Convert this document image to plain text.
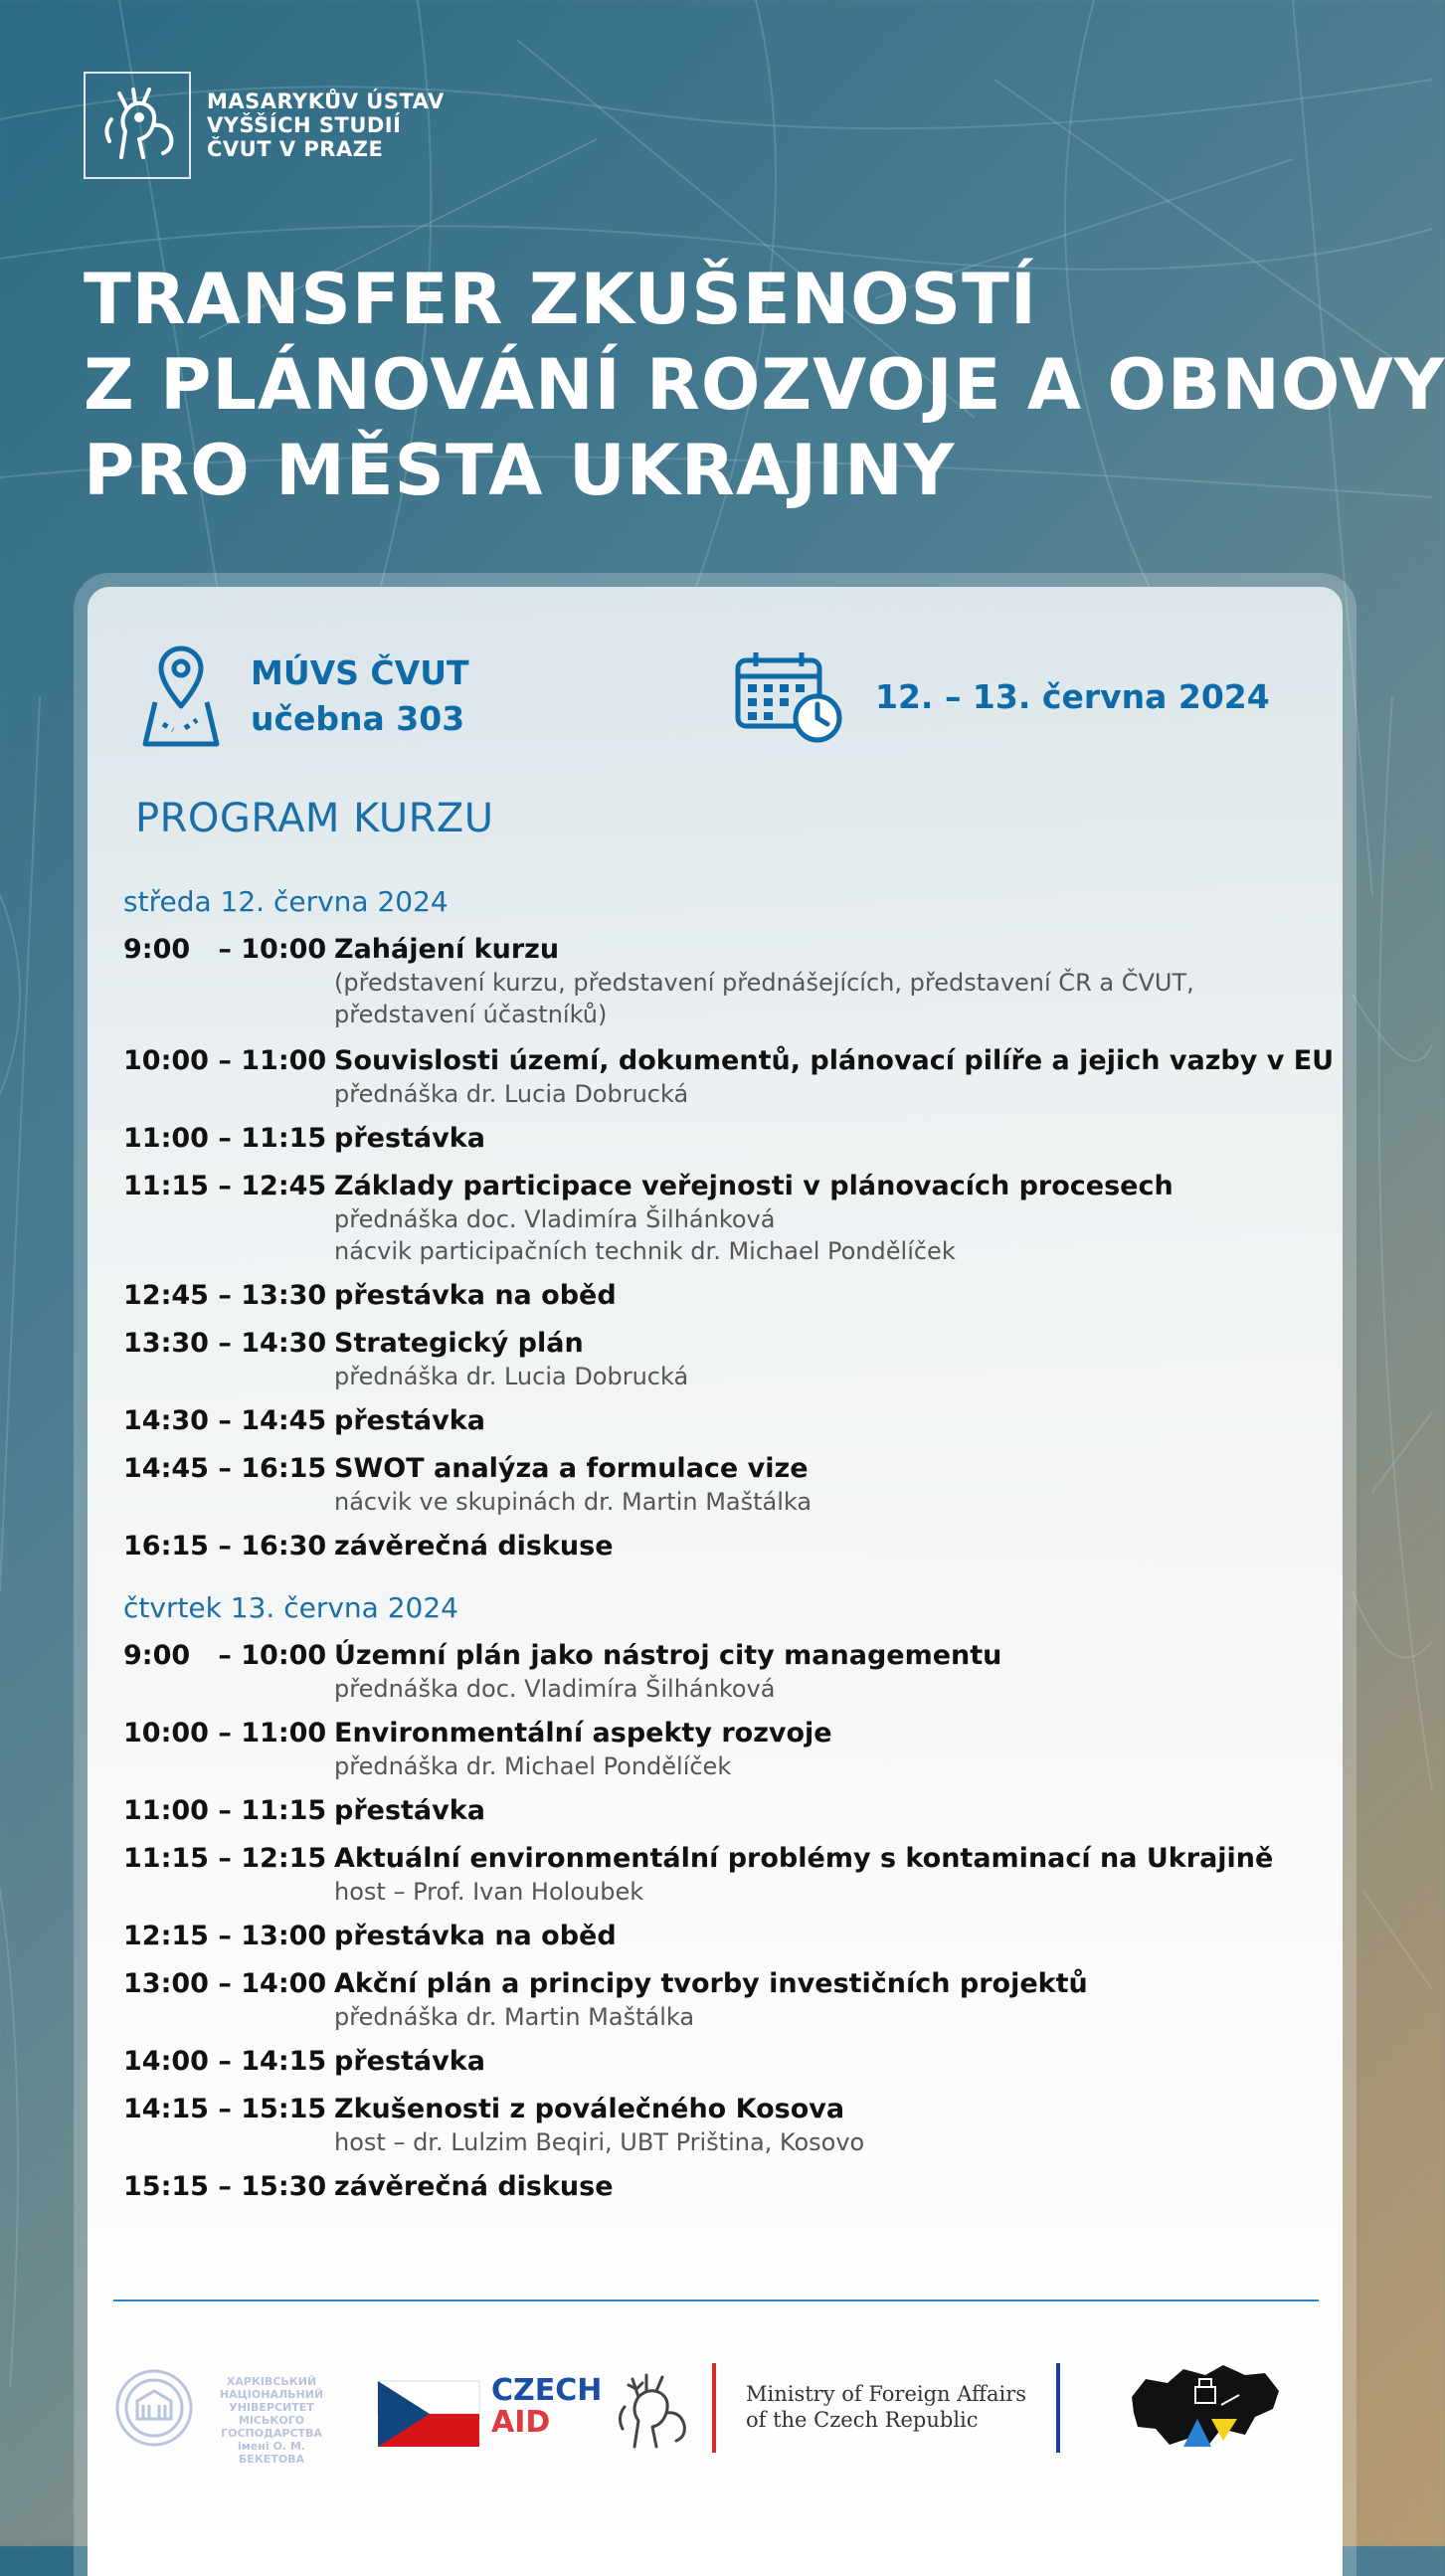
MASARYKŮV ÚSTAV
VYŠŠÍCH STUDIÍ
ČVUT V PRAZE
TRANSFER ZKUŠENOSTÍ
Z PLÁNOVÁNÍ ROZVOJE A OBNOVY
PRO MĚSTA UKRAJINY
MÚVS ČVUT
učebna 303
12. – 13. června 2024
PROGRAM KURZU
středa 12. června 2024
9:00   – 10:00 Zahájení kurzu
(představení kurzu, představení přednášejících, představení ČR a ČVUT,
představení účastníků)
10:00 – 11:00 Souvislosti území, dokumentů, plánovací pilíře a jejich vazby v EU
přednáška dr. Lucia Dobrucká
11:00 – 11:15 přestávka
11:15 – 12:45 Základy participace veřejnosti v plánovacích procesech
přednáška doc. Vladimíra Šilhánková
nácvik participačních technik dr. Michael Pondělíček
12:45 – 13:30 přestávka na oběd
13:30 – 14:30 Strategický plán
přednáška dr. Lucia Dobrucká
14:30 – 14:45 přestávka
14:45 – 16:15 SWOT analýza a formulace vize
nácvik ve skupinách dr. Martin Maštálka
16:15 – 16:30 závěrečná diskuse
čtvrtek 13. června 2024
9:00   – 10:00 Územní plán jako nástroj city managementu
přednáška doc. Vladimíra Šilhánková
10:00 – 11:00 Environmentální aspekty rozvoje
přednáška dr. Michael Pondělíček
11:00 – 11:15 přestávka
11:15 – 12:15 Aktuální environmentální problémy s kontaminací na Ukrajině
host – Prof. Ivan Holoubek
12:15 – 13:00 přestávka na oběd
13:00 – 14:00 Akční plán a principy tvorby investičních projektů
přednáška dr. Martin Maštálka
14:00 – 14:15 přestávka
14:15 – 15:15 Zkušenosti z poválečného Kosova
host – dr. Lulzim Beqiri, UBT Priština, Kosovo
15:15 – 15:30 závěrečná diskuse
ХАРКІВСЬКИЙ
НАЦІОНАЛЬНИЙ
УНІВЕРСИТЕТ
МІСЬКОГО ГОСПОДАРСТВА
імені О. М. БЕКЕТОВА
CZECH
AID
Ministry of Foreign Affairs
of the Czech Republic
